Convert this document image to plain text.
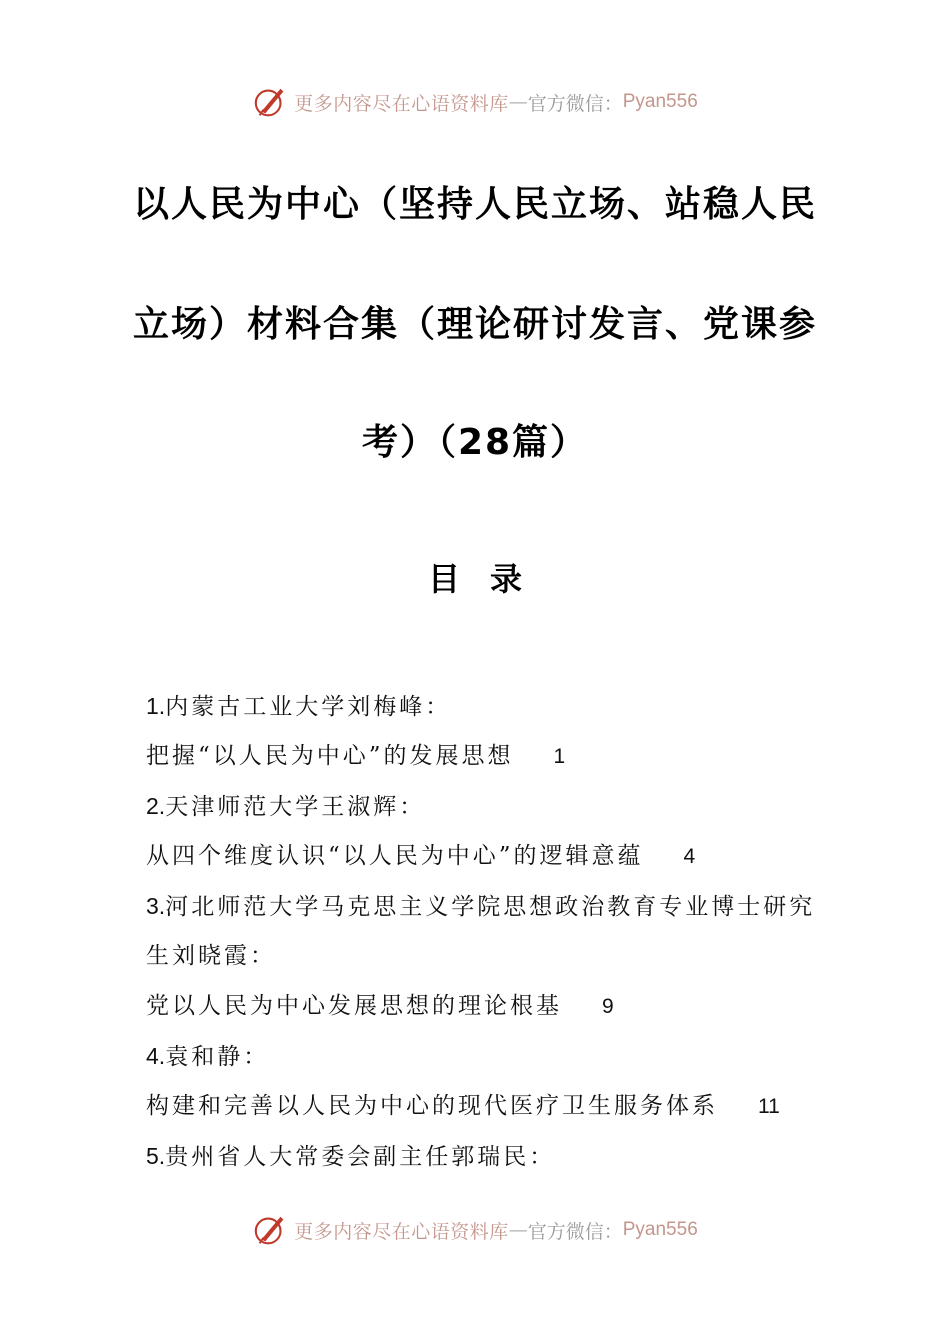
更多内容尽在心语资料库 — 官方微信： Pyan556
以人民为中心（坚持人民立场、站稳人民
立场）材料合集（理论研讨发言、党课参
考）（28篇）
目录
1.内蒙古工业大学刘梅峰：
把握“以人民为中心”的发展思想 1
2.天津师范大学王淑辉：
从四个维度认识“以人民为中心”的逻辑意蕴 4
3.河北师范大学马克思主义学院思想政治教育专业博士研究
生刘晓霞：
党以人民为中心发展思想的理论根基 9
4.袁和静：
构建和完善以人民为中心的现代医疗卫生服务体系 11
5.贵州省人大常委会副主任郭瑞民：
更多内容尽在心语资料库 — 官方微信： Pyan556
